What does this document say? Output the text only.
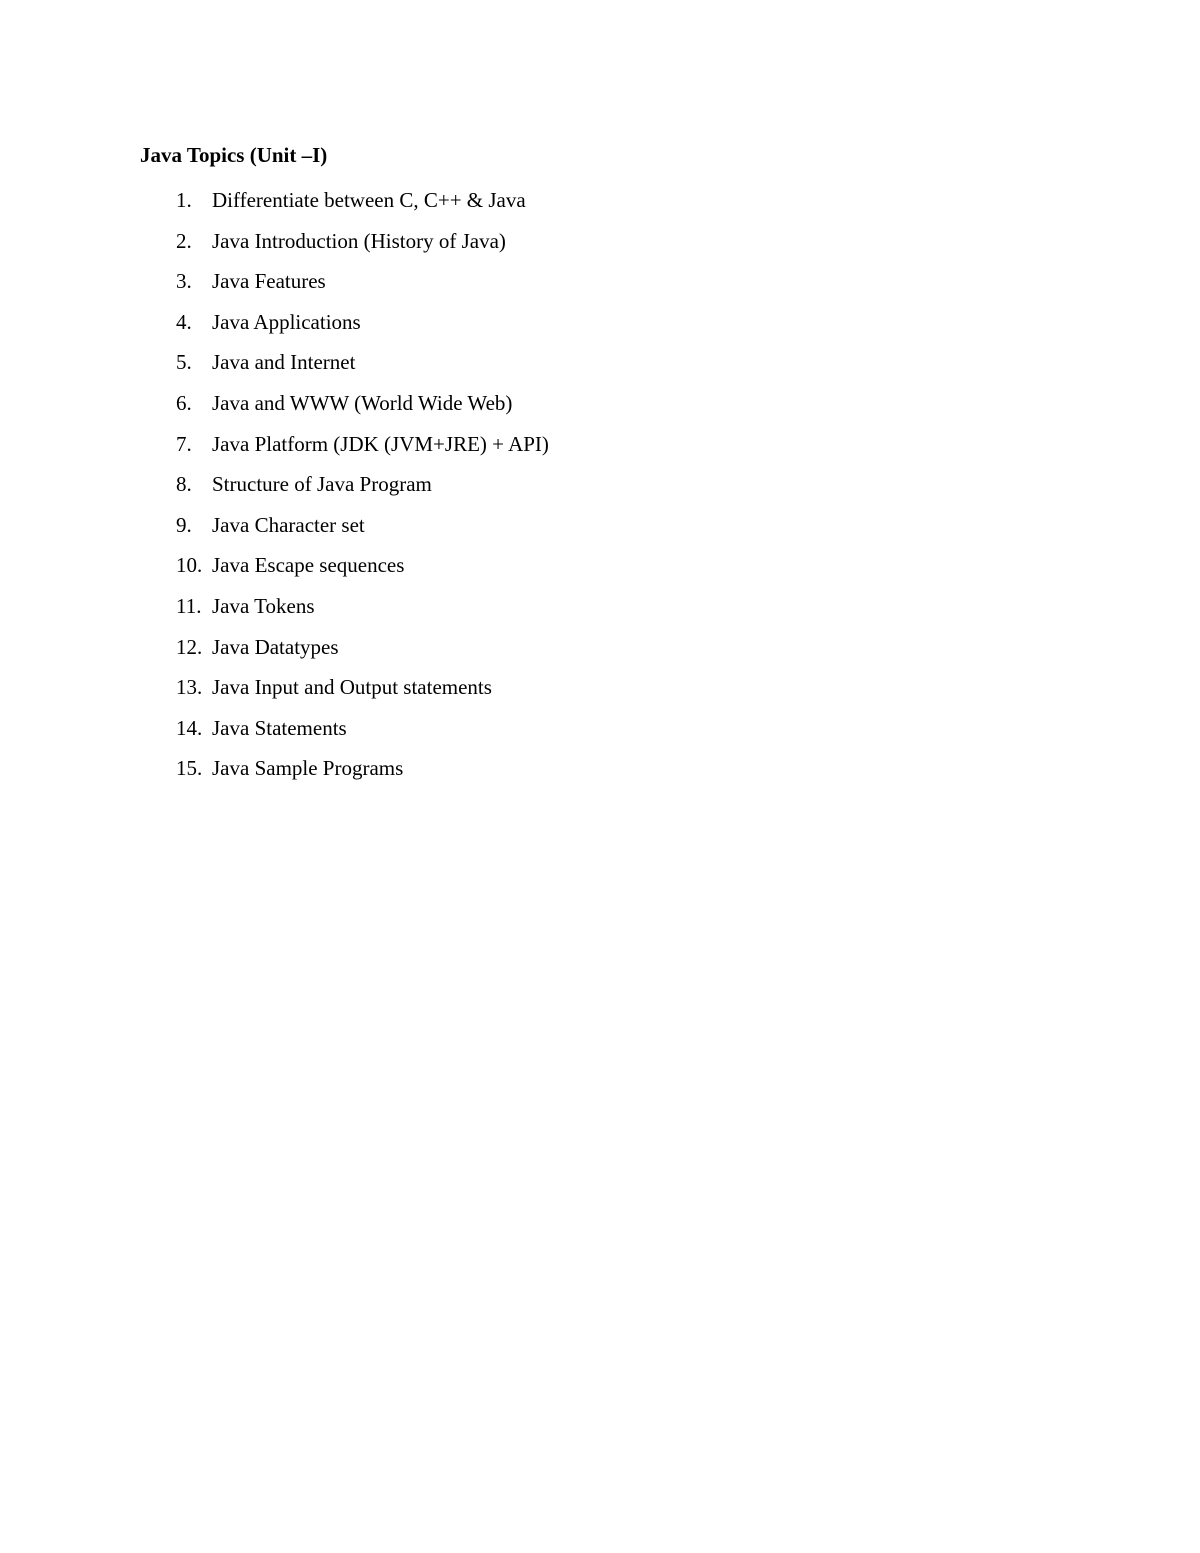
Java Topics (Unit –I)
1. Differentiate between C, C++ & Java
2. Java Introduction (History of Java)
3. Java Features
4. Java Applications
5. Java and Internet
6. Java and WWW (World Wide Web)
7. Java Platform (JDK (JVM+JRE) + API)
8. Structure of Java Program
9. Java Character set
10. Java Escape sequences
11. Java Tokens
12. Java Datatypes
13. Java Input and Output statements
14. Java Statements
15. Java Sample Programs
